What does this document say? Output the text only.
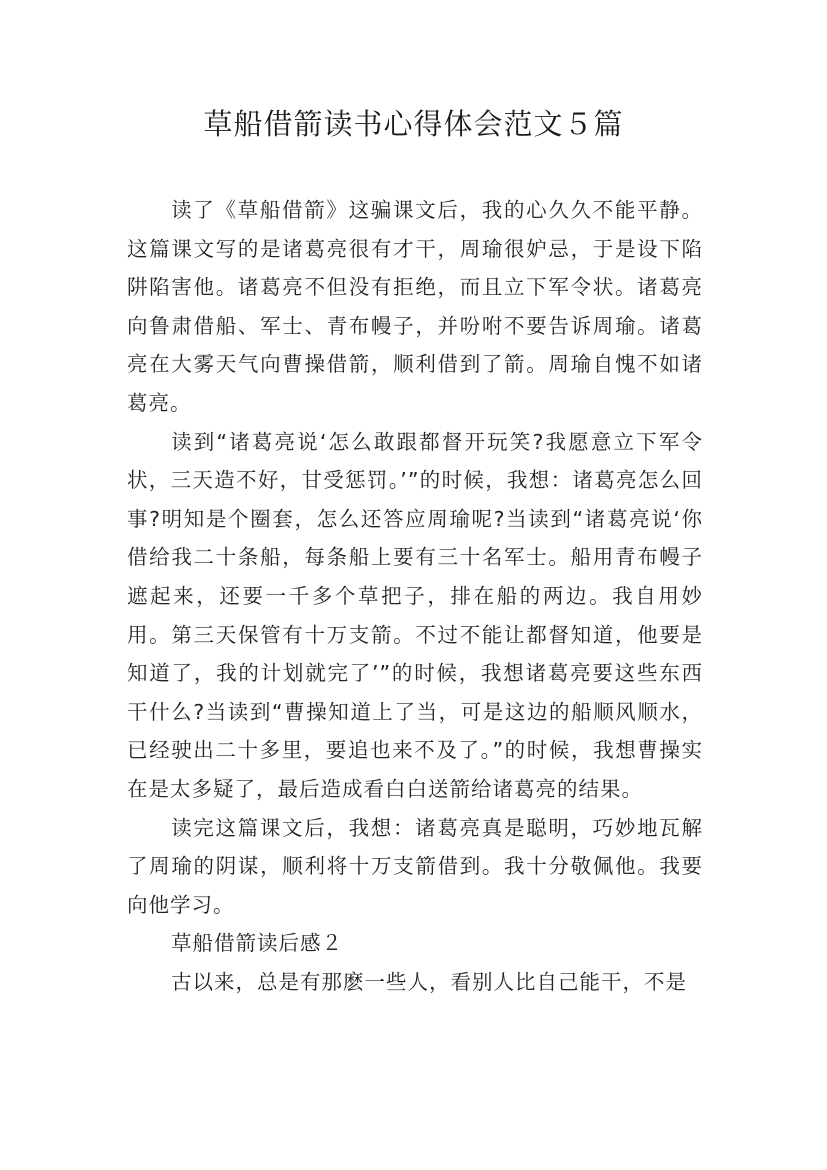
草船借箭读书心得体会范文５篇

读了《草船借箭》这骗课文后，我的心久久不能平静。这篇课文写的是诸葛亮很有才干，周瑜很妒忌，于是设下陷阱陷害他。诸葛亮不但没有拒绝，而且立下军令状。诸葛亮向鲁肃借船、军士、青布幔子，并吩咐不要告诉周瑜。诸葛亮在大雾天气向曹操借箭，顺利借到了箭。周瑜自愧不如诸葛亮。

读到“诸葛亮说‘怎么敢跟都督开玩笑?我愿意立下军令状，三天造不好，甘受惩罚。’”的时候，我想：诸葛亮怎么回事?明知是个圈套，怎么还答应周瑜呢?当读到“诸葛亮说‘你借给我二十条船，每条船上要有三十名军士。船用青布幔子遮起来，还要一千多个草把子，排在船的两边。我自用妙用。第三天保管有十万支箭。不过不能让都督知道，他要是知道了，我的计划就完了’”的时候，我想诸葛亮要这些东西干什么?当读到“曹操知道上了当，可是这边的船顺风顺水，已经驶出二十多里，要追也来不及了。”的时候，我想曹操实在是太多疑了，最后造成看白白送箭给诸葛亮的结果。

读完这篇课文后，我想：诸葛亮真是聪明，巧妙地瓦解了周瑜的阴谋，顺利将十万支箭借到。我十分敬佩他。我要向他学习。

草船借箭读后感２

古以来，总是有那麽一些人，看别人比自己能干，不是
